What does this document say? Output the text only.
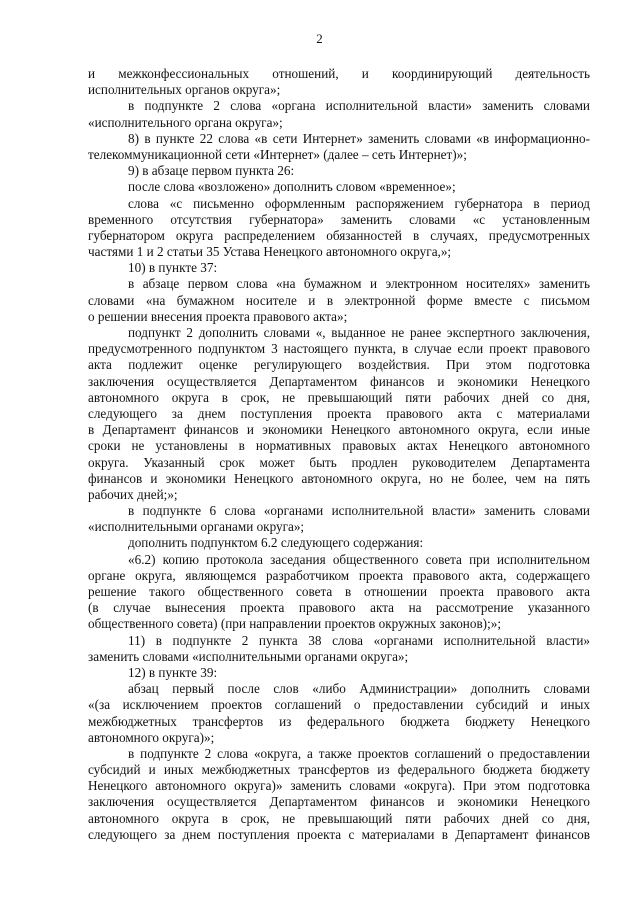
2
и межконфессиональных отношений, и координирующий деятельность
исполнительных органов округа»;
в подпункте 2 слова «органа исполнительной власти» заменить словами
«исполнительного органа округа»;
8) в пункте 22 слова «в сети Интернет» заменить словами «в информационно-
телекоммуникационной сети «Интернет» (далее – сеть Интернет)»;
9) в абзаце первом пункта 26:
после слова «возложено» дополнить словом «временное»;
слова «с письменно оформленным распоряжением губернатора в период
временного отсутствия губернатора» заменить словами «с установленным
губернатором округа распределением обязанностей в случаях, предусмотренных
частями 1 и 2 статьи 35 Устава Ненецкого автономного округа,»;
10) в пункте 37:
в абзаце первом слова «на бумажном и электронном носителях» заменить
словами «на бумажном носителе и в электронной форме вместе с письмом
о решении внесения проекта правового акта»;
подпункт 2 дополнить словами «, выданное не ранее экспертного заключения,
предусмотренного подпунктом 3 настоящего пункта, в случае если проект правового
акта подлежит оценке регулирующего воздействия. При этом подготовка
заключения осуществляется Департаментом финансов и экономики Ненецкого
автономного округа в срок, не превышающий пяти рабочих дней со дня,
следующего за днем поступления проекта правового акта с материалами
в Департамент финансов и экономики Ненецкого автономного округа, если иные
сроки не установлены в нормативных правовых актах Ненецкого автономного
округа. Указанный срок может быть продлен руководителем Департамента
финансов и экономики Ненецкого автономного округа, но не более, чем на пять
рабочих дней;»;
в подпункте 6 слова «органами исполнительной власти» заменить словами
«исполнительными органами округа»;
дополнить подпунктом 6.2 следующего содержания:
«6.2) копию протокола заседания общественного совета при исполнительном
органе округа, являющемся разработчиком проекта правового акта, содержащего
решение такого общественного совета в отношении проекта правового акта
(в случае вынесения проекта правового акта на рассмотрение указанного
общественного совета) (при направлении проектов окружных законов);»;
11) в подпункте 2 пункта 38 слова «органами исполнительной власти»
заменить словами «исполнительными органами округа»;
12) в пункте 39:
абзац первый после слов «либо Администрации» дополнить словами
«(за исключением проектов соглашений о предоставлении субсидий и иных
межбюджетных трансфертов из федерального бюджета бюджету Ненецкого
автономного округа)»;
в подпункте 2 слова «округа, а также проектов соглашений о предоставлении
субсидий и иных межбюджетных трансфертов из федерального бюджета бюджету
Ненецкого автономного округа)» заменить словами «округа). При этом подготовка
заключения осуществляется Департаментом финансов и экономики Ненецкого
автономного округа в срок, не превышающий пяти рабочих дней со дня,
следующего за днем поступления проекта с материалами в Департамент финансов
